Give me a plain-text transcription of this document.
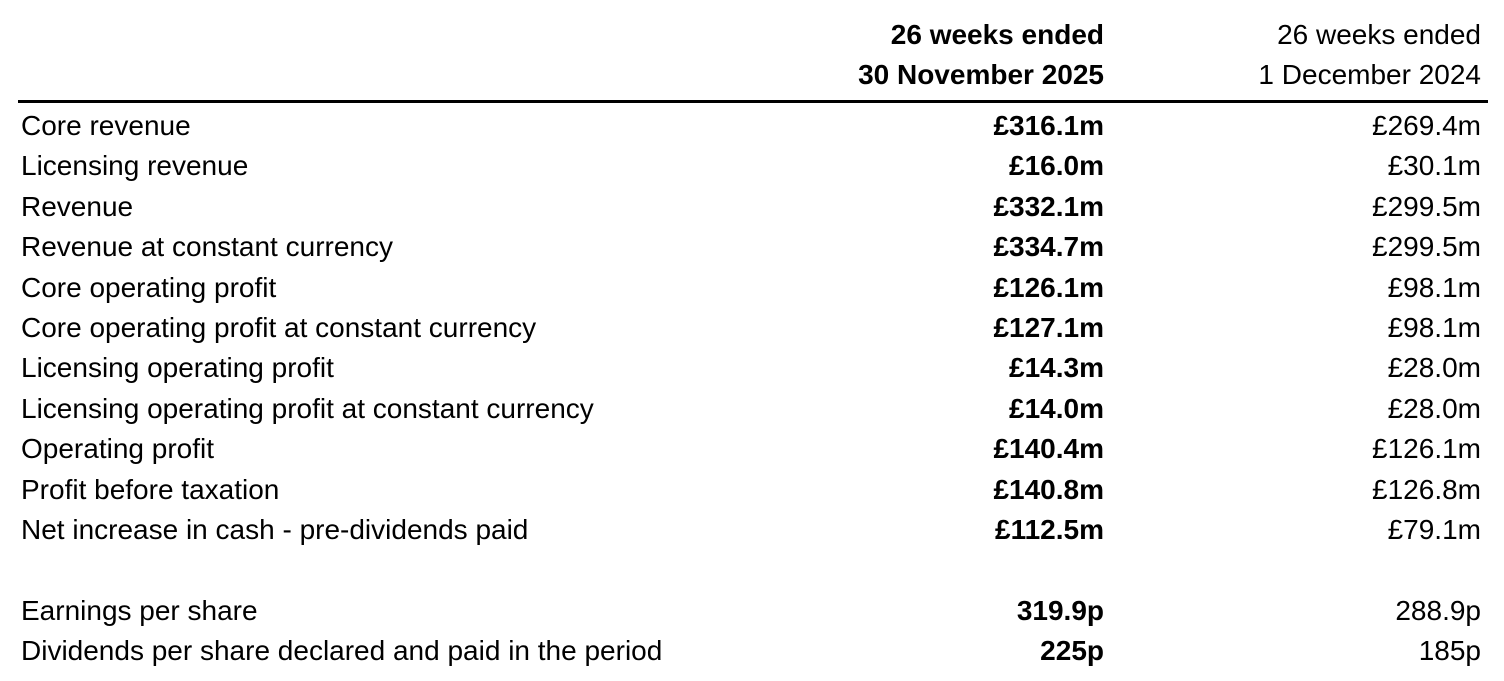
26 weeks ended
30 November 2025

26 weeks ended
1 December 2024

Core revenue	£316.1m	£269.4m
Licensing revenue	£16.0m	£30.1m
Revenue	£332.1m	£299.5m
Revenue at constant currency	£334.7m	£299.5m
Core operating profit	£126.1m	£98.1m
Core operating profit at constant currency	£127.1m	£98.1m
Licensing operating profit	£14.3m	£28.0m
Licensing operating profit at constant currency	£14.0m	£28.0m
Operating profit	£140.4m	£126.1m
Profit before taxation	£140.8m	£126.8m
Net increase in cash - pre-dividends paid	£112.5m	£79.1m

Earnings per share	319.9p	288.9p
Dividends per share declared and paid in the period	225p	185p
